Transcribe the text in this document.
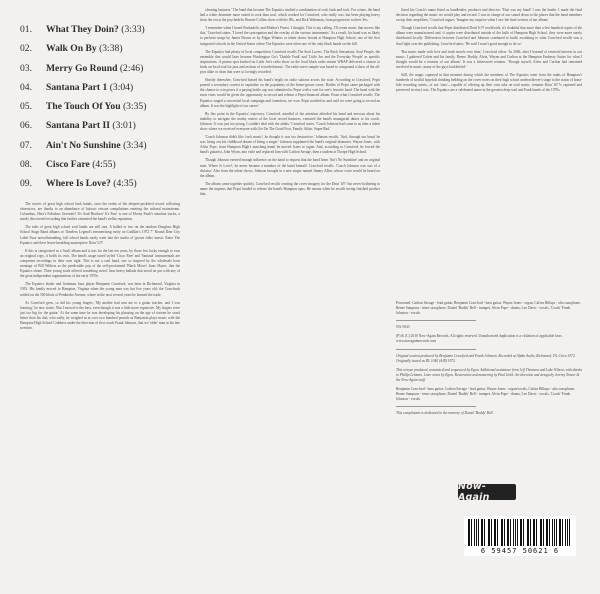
01. What They Doin? (3:33)
02. Walk On By (3:38)
03. Merry Go Round (2:46)
04. Santana Part 1 (3:04)
05. The Touch Of You (3:35)
06. Santana Part II (3:01)
07. Ain't No Sunshine (3:34)
08. Cisco Fare (4:55)
09. Where Is Love? (4:35)

The stories of great high school funk bands, once the realm of the deepest-pocketed record collecting obsessives, are thanks to an abundance of historic reissue compilations entering the cultural mainstream. Columbus, Ohio's Fabulous Greenies? It's Soul Brothers' It's Fun! is one of Ebony Funk's standout tracks, a sturdy discovered recording that further cemented the band's stellar reputation.

The tales of great high school soul bands are still rare. A ballad or two on the random Douglass High School Stage Band albums or Timeless Legend's mesmerizing rarity on Cadillac's 1972 7" Round Dear City Label Fuzz notwithstanding, full school bands rarely went into the studio of 'grown folks' music. Enter The Equatics and their lesser-heralding masterpiece Doin' It!!!

If this is categorized as a 'funk' album and it was for the last ten years, by those few lucky enough to own an original copy, it holds its own. The band's usage tuned styled 'Cisco Fare' and 'Santana' instrumentals are competent recordings in their own right. This is not a soul band, one so inspired by the wholesale horn montage of Bill Withers as the predictable pop of the self-proclaimed 'Black Moses' Isaac Hayes, that the Equatics shone. Their young souls offered something novel, hear heavy ballads that stood on par with any of the great independent organizations of the early 1970s.

The Equatics leader and frontman, bass player Benjamin Crawford, was born in Richmond, Virginia in 1953. His family moved to Hampton, Virginia when the young man was but five years old; the Crawfords settled on the 500 block of Pembroke Avenue, where in the next several years he learned the trade.

As Crawford grew, so did his young fingers. 'My mother had sent me to a guitar teacher, and I was learning,' he now states. 'But I moved to the bass, even though it was a little more expensive. My fingers were just too big for the guitar.' At the same time he was developing his phrasing on the age of sixteen he stood better than his dad, who sadly, he weighed in at over two hundred pounds as Benjamin plays music with the Hampton High School Crabbers under the direction of first coach Frank Johnson, that we 'older' man in his late twenties.

cleaning business.' The band that became The Equatics studied a combination of soul, funk and rock. For a time, the band had a white drummer more suited to rock than soul, which worked for Crawford, who really was, but been playing heavy from the era at the psychedelic Bonnie Collins show with the JBs, and Rick Wakeman, from progressive rockers Yes.

'I remember when I heard Funkadelic and Mother's Finest. I thought, This is my calling. I'll create music that moves like this,' Crawford states. 'I loved the syncopation and the overlay of the various instruments.' As a result, his band was as likely to perform songs by James Brown as by Edgar Winters or talent shows hosted at Hampton High School, one of the first integrated schools in the United States where The Equatics were often one of the only black bands on the bill.

The Equatics had plenty of local competition. Crawford recalls The Soul Lovers, The Rock Sensations, Soul People, the ensemble that would later become Washington Go's 'Double Funk' and 'Little Joe and the Everyday People' as specific inspirations. A promo spot booked on Little Joe's radio show on the local black radio station WRAP delivered a chance to book on local soul for jazz and an hour of recorded music. The radio-wave sample was based to compound a show of the all-pros alike or chart that were so lovingly recorded.

Shortly thereafter, Crawford biased his band's bright on radio stations across the state. According to Crawford, Pepsi poured a secondary contest to capitalize on the popularity of the home-grown scene. Bottles of Pepsi came packaged with the chance to win prizes if a paying bottle cap was submitted to Pepsi with a vote for one's favorite band. The band with the most votes would be given the opportunity to record and release a Pepsi-financed album. From what Crawford recalls, The Equatics waged a successful local campaign and 'somehow, we won. Pepsi notified us and said we were going to record an album. It was the highlight of our career.'

By this point in the Equatics' trajectory, Crawford, mindful of the attention afforded his band and nervous about his inability to navigate the murky waters of the local record business, ventured the band's managerial duties to his coach, Johnson. 'It was just too young, I couldn't deal with the adults,' Crawford states. 'Coach Johnson had come to us after a talent show where we received everyone with Get On The Good Foot, Family Affair, Super Bad.'

'Coach Johnson didn't like 'rock music'; he thought it was too destructive,' Johnson recalls. 'And, through our band, he was living out his childhood dream of being a singer.' Johnson supplanted the band's original drummer, Wayne Jones, with Alvin Pope, from Hampton High's marching band; he moved Jones to organ. And, according to Crawford, he forced the band's guitarist, John Wynn, into exile and replaced him with Carlton Savage, then a student at Thorpe High School.

Though Johnson exerted enough influence on the band to request that the band learn 'Ain't No Sunshine' and an original tune, Where Is Love?, he never became a member of the band himself. Crawford recalls. 'Coach Johnson was sort of a dictator.' Also from the talent shows, Johnson brought in a new singer named Jimmy Allen, whose voice would be heard on the album.

The album came together quickly, Crawford recalls creating the cover imagery for the Doin' It!!! but never bothering to name the impetus that Pepsi funded to release the band's Hampton opus. He smarts when he recalls seeing finished product that.

listed his Coach's name listed as bandleader, producer and director. 'That was my band! I was the leader. I made the final decision regarding the music we would play and record. I was in charge of our sound down to the places that the band members on top their amplifiers,' Crawford argues. 'Imagine my surprise when I saw the final version of our album.'

Though Crawford recalls that Pepsi distributed Doin' It!!! worldwide, it's doubtful that more than a few hundred copies of the album were manufactured and, if copies were distributed outside of the halls of Hampton High School, they were more surely distributed locally. Differences between Crawford and Johnson continued to build, escalating to what Crawford recalls was a final fight over the publishing. Crawford states. 'He said I wasn't good enough to do so.'

'But music made with love and truth travels over time,' Crawford offers. 'In 2006, after I learned of renewed interest in our music, I gathered Calvin and his family, Renee, Buddy, Alvin, Wayne and Carlton at the Hampton Embassy Suites for what I thought would be a reunion of our album.' It was a bittersweet reunion. 'Though myself, Alvin and Carlton had remained involved in music, many of the guys had drifted.'

Still, the magic captured in that moment during which the members of The Equatics went from the ranks of Hampton's hundreds of soulful hopefuls thinking bedding on the cover notes on their high school underachiever's stage to the status of bona-fide recording artists—if not 'stars'—capable of offering up their own take on soul music, remains Doin' It!!!'s captured and preserved in vinyl wax. The Equatics are a celebrated name in the greatest deep soul and Funk bands of the 1970s.

Personnel: Carlton Savage - lead guitar, Benjamin Crawford - bass guitar, Wayne Jones - organ, Calvin Billups - alto saxophone, Renee Sampson - tenor saxophone, Daniel 'Buddy' Bell - trumpet, Alvin Pope - drums, Leo Davis - vocals, 'Coach' Frank Johnson - vocals.

NA-5043

(P) & (C) 2010 Now-Again Records. All rights reserved. Unauthorized duplication is a violation of applicable laws. www.nowagainrecords.com

Original session produced by Benjamin Crawford and Frank Johnson. Recorded at Alpha Audio, Richmond, VA, Circa 1972. Originally issued as RL 1040 (A/B) 1972.

This reissue produced, annotated and sequenced by Egon. Additional assistance from Jeff Thomson and Luke Wilson, with thanks to Phillip Lehman. Liner notes by Egon. Restoration and mastering by Paul Gold. Art direction and design by Jeremy Tensor & the Now-Again staff.

Benjamin Crawford - bass guitar, Carlton Savage - lead guitar, Wayne Jones - organ/vocals, Calvin Billups - alto saxophone, Renee Sampson - tenor saxophone, Daniel 'Buddy' Bell - trumpet, Alvin Pope - drums, Leo Davis - vocals, 'Coach' Frank Johnson - vocals.

This compilation is dedicated to the memory of Daniel 'Buddy' Bell.

Now-Again
6 59457 50621 6
